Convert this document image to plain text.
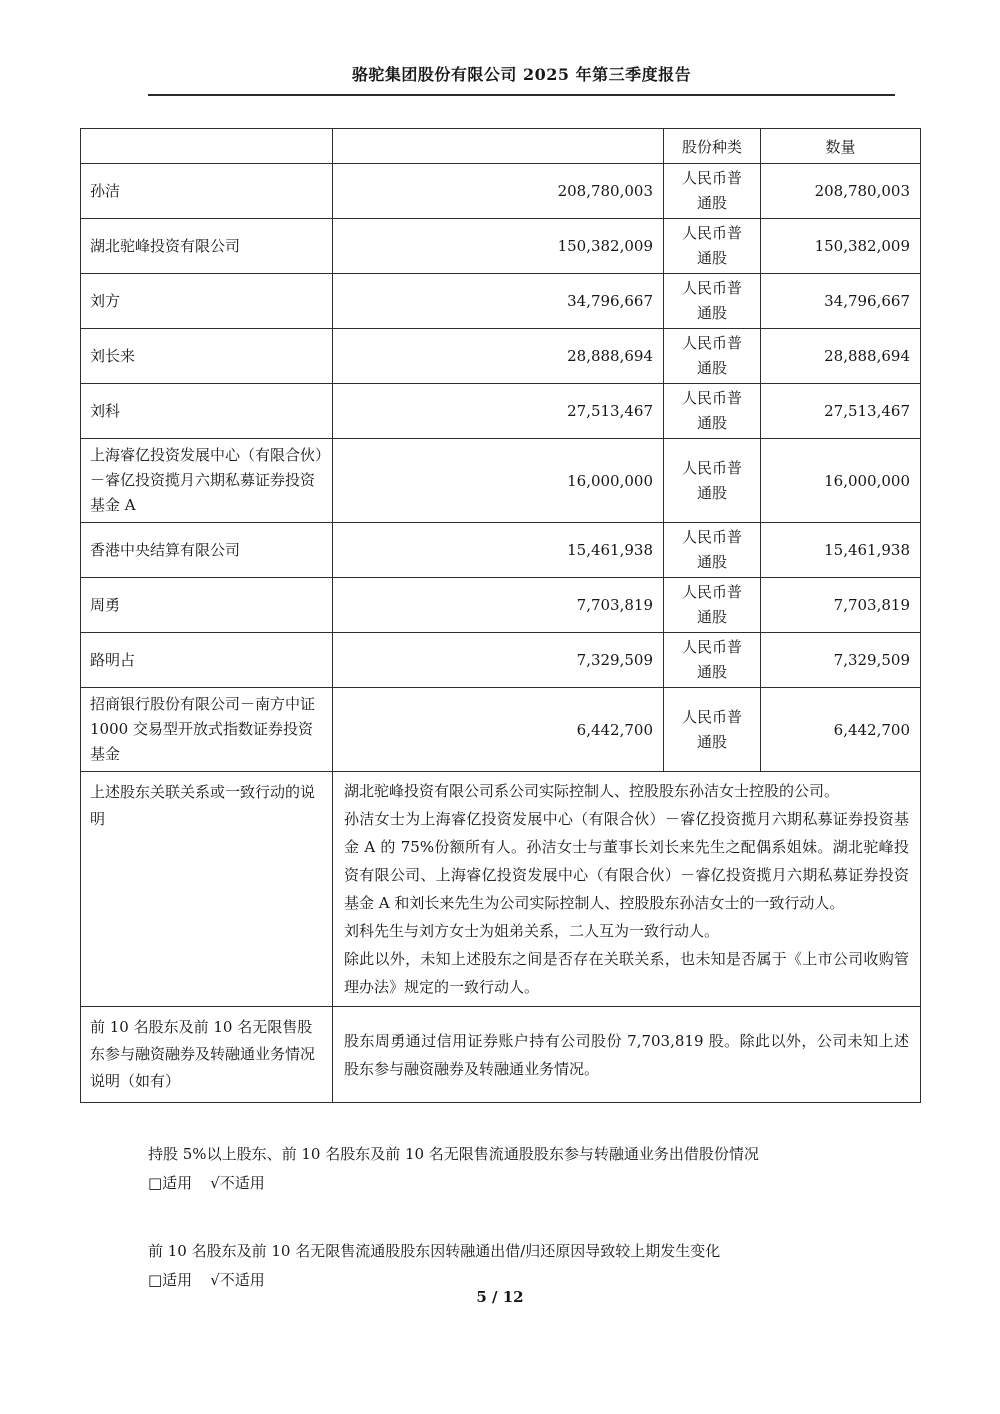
骆驼集团股份有限公司 2025 年第三季度报告
		股份种类	数量
孙洁	208,780,003	人民币普通股	208,780,003
湖北驼峰投资有限公司	150,382,009	人民币普通股	150,382,009
刘方	34,796,667	人民币普通股	34,796,667
刘长来	28,888,694	人民币普通股	28,888,694
刘科	27,513,467	人民币普通股	27,513,467
上海睿亿投资发展中心（有限合伙）－睿亿投资揽月六期私募证券投资基金 A	16,000,000	人民币普通股	16,000,000
香港中央结算有限公司	15,461,938	人民币普通股	15,461,938
周勇	7,703,819	人民币普通股	7,703,819
路明占	7,329,509	人民币普通股	7,329,509
招商银行股份有限公司－南方中证 1000 交易型开放式指数证券投资基金	6,442,700	人民币普通股	6,442,700
上述股东关联关系或一致行动的说明	湖北驼峰投资有限公司系公司实际控制人、控股股东孙洁女士控股的公司。

孙洁女士为上海睿亿投资发展中心（有限合伙）－睿亿投资揽月六期私募证券投资基金 A 的 75%份额所有人。孙洁女士与董事长刘长来先生之配偶系姐妹。湖北驼峰投资有限公司、上海睿亿投资发展中心（有限合伙）－睿亿投资揽月六期私募证券投资基金 A 和刘长来先生为公司实际控制人、控股股东孙洁女士的一致行动人。

刘科先生与刘方女士为姐弟关系，二人互为一致行动人。

除此以外，未知上述股东之间是否存在关联关系，也未知是否属于《上市公司收购管理办法》规定的一致行动人。		

前 10 名股东及前 10 名无限售股东参与融资融券及转融通业务情况说明（如有）	股东周勇通过信用证券账户持有公司股份 7,703,819 股。除此以外，公司未知上述股东参与融资融券及转融通业务情况。		
持股 5%以上股东、前 10 名股东及前 10 名无限售流通股股东参与转融通业务出借股份情况
□适用 √不适用
前 10 名股东及前 10 名无限售流通股股东因转融通出借/归还原因导致较上期发生变化
□适用 √不适用
5 / 12
